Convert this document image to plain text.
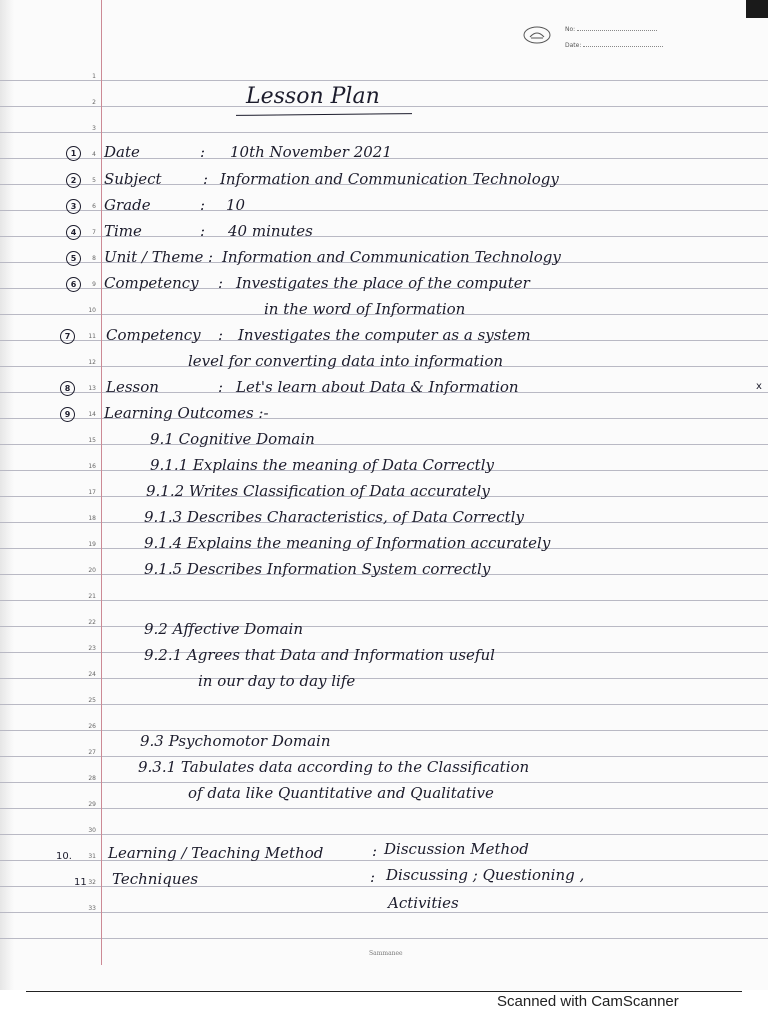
No:
Date:
1
2
3
4
5
6
7
8
9
10
11
12
13
14
15
16
17
18
19
20
21
22
23
24
25
26
27
28
29
30
31
32
33
Lesson Plan
1	Date	: 10th November 2021
2	Subject	: Information and Communication Technology
3	Grade	: 10
4	Time	: 40 minutes
5	Unit / Theme : Information and Communication Technology
6	Competency : Investigates the place of the computer
in the word of Information
7	Competency : Investigates the computer as a system
level for converting data into information
8	Lesson	: Let's learn about Data & Information	x
9	Learning Outcomes :-
9.1 Cognitive Domain
9.1.1 Explains the meaning of Data Correctly
9.1.2 Writes Classification of Data accurately
9.1.3 Describes Characteristics, of Data Correctly
9.1.4 Explains the meaning of Information accurately
9.1.5 Describes Information System correctly
9.2 Affective Domain
9.2.1 Agrees that Data and Information useful
in our day to day life
9.3 Psychomotor Domain
9.3.1 Tabulates data according to the Classification
of data like Quantitative and Qualitative
10. Learning / Teaching Method	: Discussion Method
11 Techniques	: Discussing ; Questioning ,
Activities
Sammanee
Scanned with CamScanner
